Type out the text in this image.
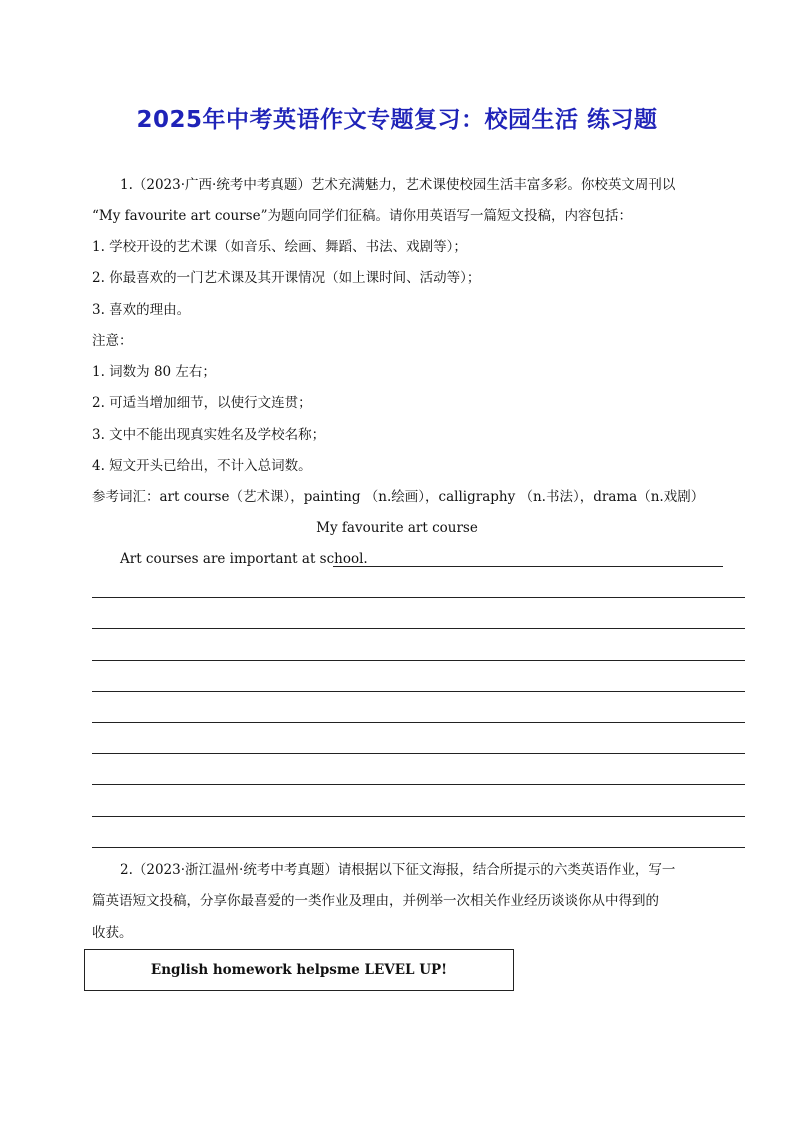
2025年中考英语作文专题复习：校园生活 练习题
1.（2023·广西·统考中考真题）艺术充满魅力，艺术课使校园生活丰富多彩。你校英文周刊以
“My favourite art course”为题向同学们征稿。请你用英语写一篇短文投稿，内容包括：
1. 学校开设的艺术课（如音乐、绘画、舞蹈、书法、戏剧等）；
2. 你最喜欢的一门艺术课及其开课情况（如上课时间、活动等）；
3. 喜欢的理由。
注意：
1. 词数为 80 左右；
2. 可适当增加细节，以使行文连贯；
3. 文中不能出现真实姓名及学校名称；
4. 短文开头已给出，不计入总词数。
参考词汇：art course（艺术课），painting （n.绘画），calligraphy （n.书法），drama（n.戏剧）
My favourite art course
Art courses are important at school.
2.（2023·浙江温州·统考中考真题）请根据以下征文海报，结合所提示的六类英语作业，写一
篇英语短文投稿，分享你最喜爱的一类作业及理由，并例举一次相关作业经历谈谈你从中得到的
收获。
English homework helpsme LEVEL UP!
